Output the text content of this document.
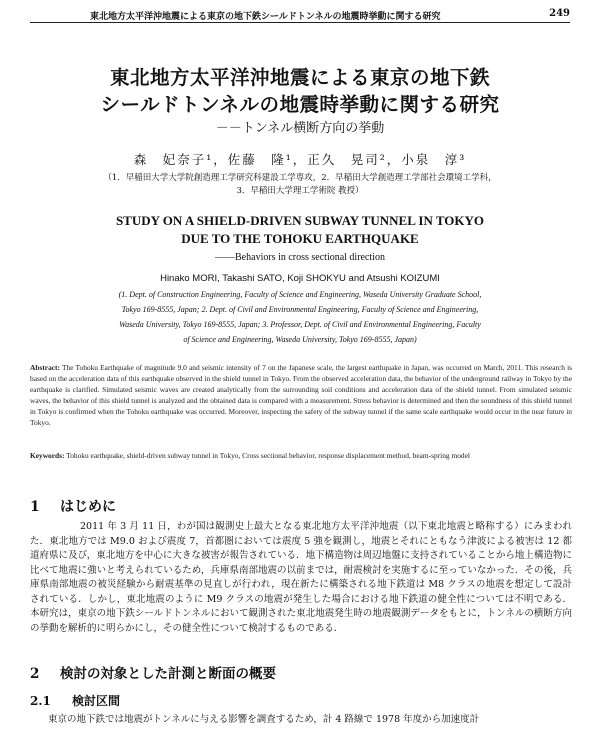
東北地方太平洋沖地震による東京の地下鉄シールドトンネルの地震時挙動に関する研究	249
東北地方太平洋沖地震による東京の地下鉄
シールドトンネルの地震時挙動に関する研究
－－トンネル横断方向の挙動
森　妃奈子¹，佐藤　隆¹，正久　晃司²，小泉　淳³
（1．早稲田大学大学院創造理工学研究科建設工学専攻，2．早稲田大学創造理工学部社会環境工学科，
3．早稲田大学理工学術院 教授）
STUDY ON A SHIELD-DRIVEN SUBWAY TUNNEL IN TOKYO
DUE TO THE TOHOKU EARTHQUAKE
——Behaviors in cross sectional direction
Hinako MORI, Takashi SATO, Koji SHOKYU and Atsushi KOIZUMI
(1. Dept. of Construction Engineering, Faculty of Science and Engineering, Waseda University Graduate School,
Tokyo 169-8555, Japan; 2. Dept. of Civil and Environmental Engineering, Faculty of Science and Engineering,
Waseda University, Tokyo 169-8555, Japan; 3. Professor, Dept. of Civil and Environmental Engineering, Faculty
of Science and Engineering, Waseda University, Tokyo 169-8555, Japan)
Abstract: The Tohoku Earthquake of magnitude 9.0 and seismic intensity of 7 on the Japanese scale, the largest earthquake in Japan, was occurred on March, 2011. This research is based on the acceleration data of this earthquake observed in the shield tunnel in Tokyo. From the observed acceleration data, the behavior of the underground railway in Tokyo by the earthquake is clarified. Simulated seismic waves are created analytically from the surrounding soil conditions and acceleration data of the shield tunnel. From simulated seismic waves, the behavior of this shield tunnel is analyzed and the obtained data is compared with a measurement. Stress behavior is determined and then the soundness of this shield tunnel in Tokyo is confirmed when the Tohoku earthquake was occurred. Moreover, inspecting the safety of the subway tunnel if the same scale earthquake would occur in the near future in Tokyo.
Keywords: Tohoku earthquake, shield-driven subway tunnel in Tokyo, Cross sectional behavior, response displacement method, beam-spring model
1 はじめに
2011 年 3 月 11 日，わが国は観測史上最大となる東北地方太平洋沖地震（以下東北地震と略称する）にみまわれた．東北地方では M9.0 および震度 7，首都圏においては震度 5 強を観測し，地震とそれにともなう津波による被害は 12 都道府県に及び，東北地方を中心に大きな被害が報告されている．地下構造物は周辺地盤に支持されていることから地上構造物に比べて地震に強いと考えられているため，兵庫県南部地震の以前までは，耐震検討を実施するに至っていなかった．その後，兵庫県南部地震の被災経験から耐震基準の見直しが行われ，現在新たに構築される地下鉄道は M8 クラスの地震を想定して設計されている．しかし，東北地震のように M9 クラスの地震が発生した場合における地下鉄道の健全性については不明である．本研究は，東京の地下鉄シールドトンネルにおいて観測された東北地震発生時の地震観測データをもとに，トンネルの横断方向の挙動を解析的に明らかにし，その健全性について検討するものである．
2 検討の対象とした計測と断面の概要
2.1 検討区間
東京の地下鉄では地震がトンネルに与える影響を調査するため，計 4 路線で 1978 年度から加速度計
